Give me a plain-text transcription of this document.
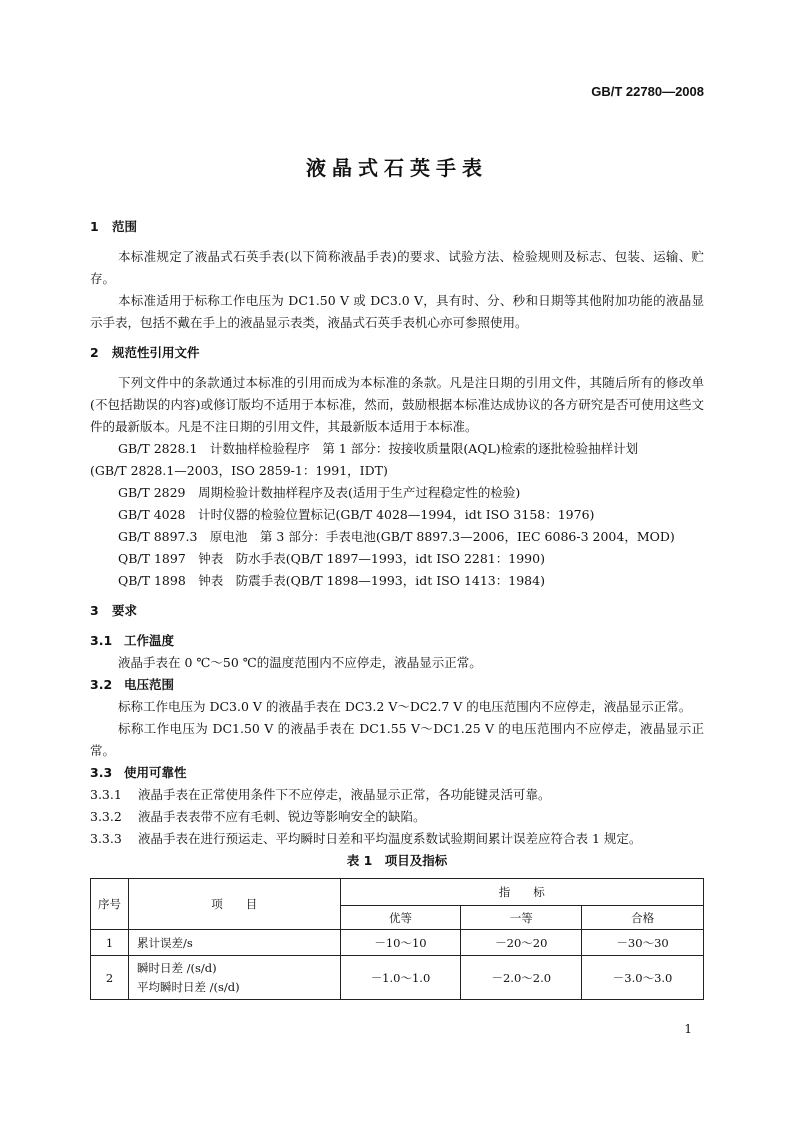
GB/T 22780—2008
液晶式石英手表

1 范围

本标准规定了液晶式石英手表(以下简称液晶手表)的要求、试验方法、检验规则及标志、包装、运输、贮存。

本标准适用于标称工作电压为 DC1.50 V 或 DC3.0 V，具有时、分、秒和日期等其他附加功能的液晶显示手表，包括不戴在手上的液晶显示表类，液晶式石英手表机心亦可参照使用。

2 规范性引用文件

下列文件中的条款通过本标准的引用而成为本标准的条款。凡是注日期的引用文件，其随后所有的修改单(不包括勘误的内容)或修订版均不适用于本标准，然而，鼓励根据本标准达成协议的各方研究是否可使用这些文件的最新版本。凡是不注日期的引用文件，其最新版本适用于本标准。

GB/T 2828.1　计数抽样检验程序　第 1 部分：按接收质量限(AQL)检索的逐批检验抽样计划

(GB/T 2828.1—2003，ISO 2859-1：1991，IDT)

GB/T 2829　周期检验计数抽样程序及表(适用于生产过程稳定性的检验)

GB/T 4028　计时仪器的检验位置标记(GB/T 4028—1994，idt ISO 3158：1976)

GB/T 8897.3　原电池　第 3 部分：手表电池(GB/T 8897.3—2006，IEC 6086-3 2004，MOD)

QB/T 1897　钟表　防水手表(QB/T 1897—1993，idt ISO 2281：1990)

QB/T 1898　钟表　防震手表(QB/T 1898—1993，idt ISO 1413：1984)

3 要求

3.1 工作温度

液晶手表在 0 ℃～50 ℃的温度范围内不应停走，液晶显示正常。

3.2 电压范围

标称工作电压为 DC3.0 V 的液晶手表在 DC3.2 V～DC2.7 V 的电压范围内不应停走，液晶显示正常。

标称工作电压为 DC1.50 V 的液晶手表在 DC1.55 V～DC1.25 V 的电压范围内不应停走，液晶显示正常。

3.3 使用可靠性

3.3.1 液晶手表在正常使用条件下不应停走，液晶显示正常，各功能键灵活可靠。

3.3.2 液晶手表表带不应有毛刺、锐边等影响安全的缺陷。

3.3.3 液晶手表在进行预运走、平均瞬时日差和平均温度系数试验期间累计误差应符合表 1 规定。

表 1　项目及指标

序号	项　　目	指　　标		
		优等	一等	合格
1	累计误差/s	－10～10	－20～20	－30～30
2	瞬时日差 /(s/d)
平均瞬时日差 /(s/d)	－1.0～1.0	－2.0～2.0	－3.0～3.0
1
